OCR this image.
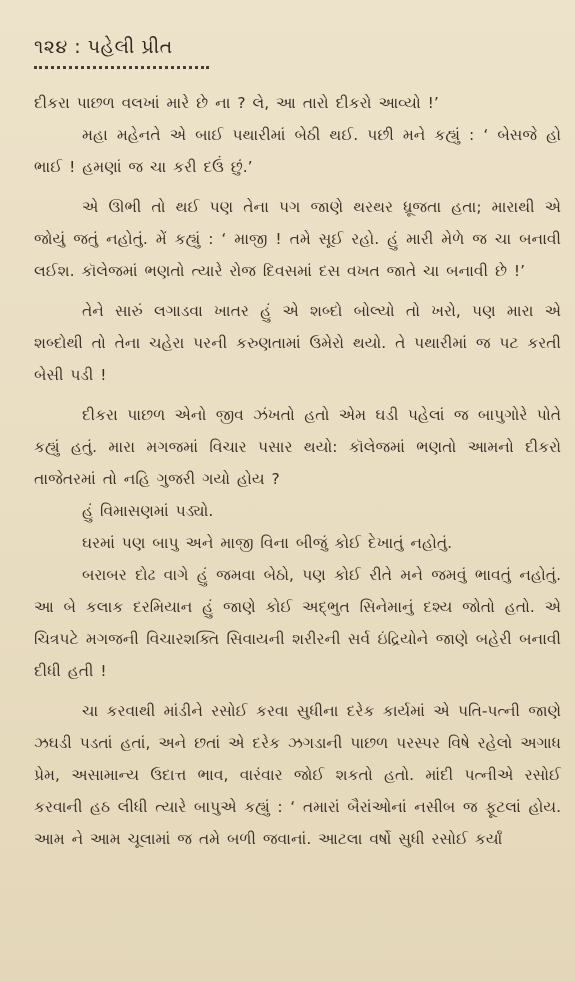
૧૨૪ : પહેલી પ્રીત

દીકરા પાછળ વલખાં મારે છે ના ? લે, આ તારો દીકરો આવ્યો !’

મહા મહેનતે એ બાઈ પથારીમાં બેઠી થઈ. પછી મને કહ્યું : ‘ બેસજે હો ભાઈ ! હમણાં જ ચા કરી દઉં છું.’

એ ઊભી તો થઈ પણ તેના પગ જાણે થરથર ધ્રૂજતા હતા; મારાથી એ જોયું જતું નહોતું. મેં કહ્યું : ‘ માજી ! તમે સૂઈ રહો. હું મારી મેળે જ ચા બનાવી લઈશ. કૉલેજમાં ભણતો ત્યારે રોજ દિવસમાં દસ વખત જાતે ચા બનાવી છે !’

તેને સારું લગાડવા ખાતર હું એ શબ્દો બોલ્યો તો ખરો, પણ મારા એ શબ્દોથી તો તેના ચહેરા પરની કરુણતામાં ઉમેરો થયો. તે પથારીમાં જ પટ કરતી બેસી પડી !

દીકરા પાછળ એનો જીવ ઝંખતો હતો એમ ઘડી પહેલાં જ બાપુગોરે પોતે કહ્યું હતું. મારા મગજમાં વિચાર પસાર થયો: કૉલેજમાં ભણતો આમનો દીકરો તાજેતરમાં તો નહિ ગુજરી ગયો હોય ?

હું વિમાસણમાં પડ્યો.

ઘરમાં પણ બાપુ અને માજી વિના બીજું કોઈ દેખાતું નહોતું.

બરાબર દોઢ વાગે હું જમવા બેઠો, પણ કોઈ રીતે મને જમવું ભાવતું નહોતું. આ બે કલાક દરમિયાન હું જાણે કોઈ અદ્ભુત સિનેમાનું દશ્ય જોતો હતો. એ ચિત્રપટે મગજની વિચારશક્તિ સિવાયની શરીરની સર્વ ઇંદ્રિયોને જાણે બહેરી બનાવી દીધી હતી !

ચા કરવાથી માંડીને રસોઈ કરવા સુધીના દરેક કાર્યમાં એ પતિ-પત્ની જાણે ઝઘડી પડતાં હતાં, અને છતાં એ દરેક ઝગડાની પાછળ પરસ્પર વિષે રહેલો અગાધ પ્રેમ, અસામાન્ય ઉદાત્ત ભાવ, વારંવાર જોઈ શકતો હતો. માંદી પત્નીએ રસોઈ કરવાની હઠ લીધી ત્યારે બાપુએ કહ્યું : ‘ તમારાં બૈરાંઓનાં નસીબ જ ફૂટલાં હોય. આમ ને આમ ચૂલામાં જ તમે બળી જવાનાં. આટલા વર્ષો સુધી રસોઈ કર્યાં
